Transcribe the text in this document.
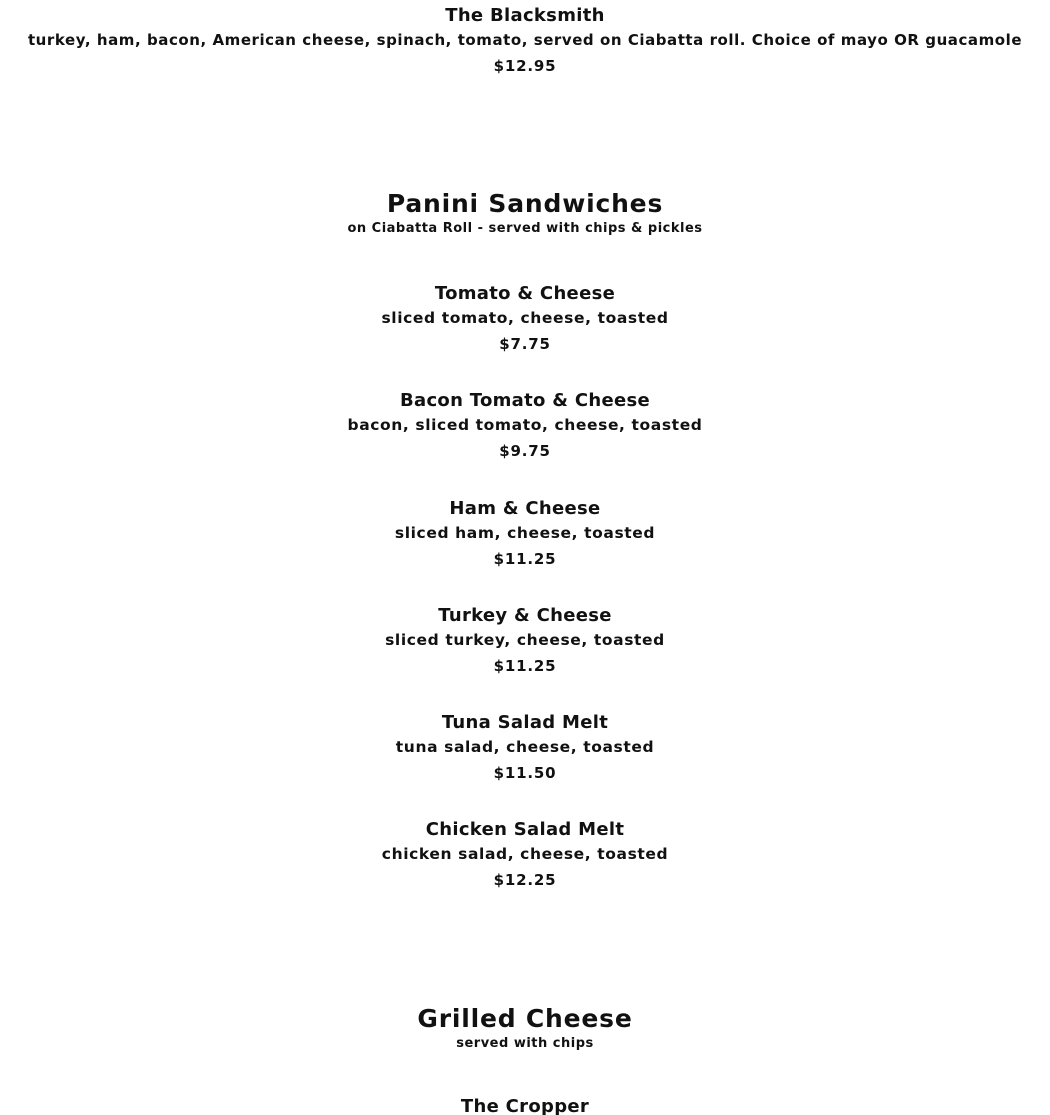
The Blacksmith
turkey, ham, bacon, American cheese, spinach, tomato, served on Ciabatta roll. Choice of mayo OR guacamole
$12.95
Panini Sandwiches
on Ciabatta Roll - served with chips & pickles
Tomato & Cheese
sliced tomato, cheese, toasted
$7.75
Bacon Tomato & Cheese
bacon, sliced tomato, cheese, toasted
$9.75
Ham & Cheese
sliced ham, cheese, toasted
$11.25
Turkey & Cheese
sliced turkey, cheese, toasted
$11.25
Tuna Salad Melt
tuna salad, cheese, toasted
$11.50
Chicken Salad Melt
chicken salad, cheese, toasted
$12.25
Grilled Cheese
served with chips
The Cropper
